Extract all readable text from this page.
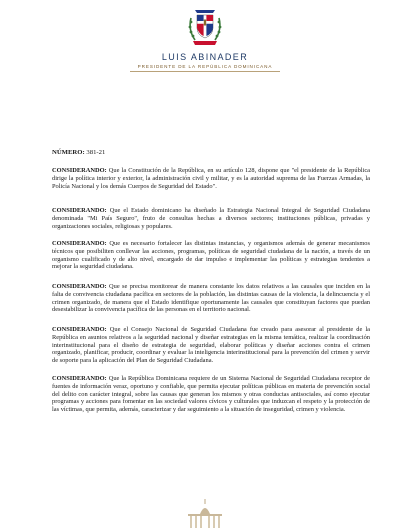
LUIS ABINADER
PRESIDENTE DE LA REPÚBLICA DOMINICANA
NÚMERO: 381-21

CONSIDERANDO: Que la Constitución de la República, en su artículo 128, dispone que "el presidente de la República dirige la política interior y exterior, la administración civil y militar, y es la autoridad suprema de las Fuerzas Armadas, la Policía Nacional y los demás Cuerpos de Seguridad del Estado".

CONSIDERANDO: Que el Estado dominicano ha diseñado la Estrategia Nacional Integral de Seguridad Ciudadana denominada "Mi País Seguro", fruto de consultas hechas a diversos sectores; instituciones públicas, privadas y organizaciones sociales, religiosas y populares.

CONSIDERANDO: Que es necesario fortalecer las distintas instancias, y organismos además de generar mecanismos técnicos que posibiliten conllevar las acciones, programas, políticas de seguridad ciudadana de la nación, a través de un organismo cualificado y de alto nivel, encargado de dar impulso e implementar las políticas y estrategias tendentes a mejorar la seguridad ciudadana.

CONSIDERANDO: Que se precisa monitorear de manera constante los datos relativos a las causales que inciden en la falta de convivencia ciudadana pacífica en sectores de la población, las distintas causas de la violencia, la delincuencia y el crimen organizado, de manera que el Estado identifique oportunamente las causales que constituyan factores que puedan desestabilizar la convivencia pacífica de las personas en el territorio nacional.

CONSIDERANDO: Que el Consejo Nacional de Seguridad Ciudadana fue creado para asesorar al presidente de la República en asuntos relativos a la seguridad nacional y diseñar estrategias en la misma temática, realizar la coordinación interinstitucional para el diseño de estrategia de seguridad, elaborar políticas y diseñar acciones contra el crimen organizado, planificar, producir, coordinar y evaluar la inteligencia interinstitucional para la prevención del crimen y servir de soporte para la aplicación del Plan de Seguridad Ciudadana.

CONSIDERANDO: Que la República Dominicana requiere de un Sistema Nacional de Seguridad Ciudadana receptor de fuentes de información veraz, oportuno y confiable, que permita ejecutar políticas públicas en materia de prevención social del delito con carácter integral, sobre las causas que generan los mismos y otras conductas antisociales, así como ejecutar programas y acciones para fomentar en las sociedad valores cívicos y culturales que induzcan el respeto y la protección de las víctimas, que permita, además, caracterizar y dar seguimiento a la situación de inseguridad, crimen y violencia.
